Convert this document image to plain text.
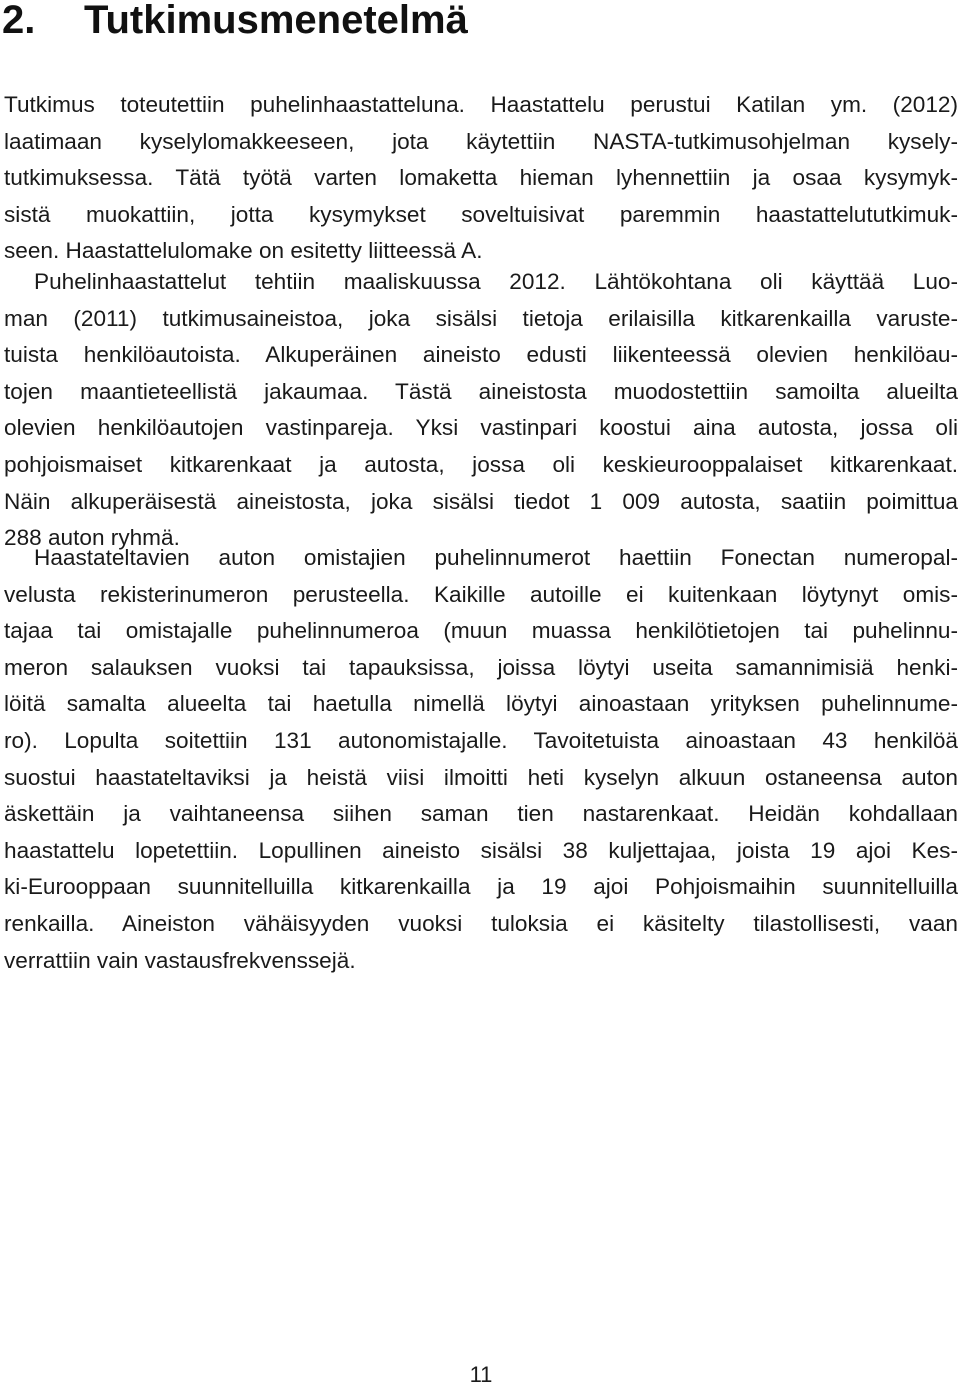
2. Tutkimusmenetelmä
Tutkimus toteutettiin puhelinhaastatteluna. Haastattelu perustui Katilan ym. (2012)
laatimaan kyselylomakkeeseen, jota käytettiin NASTA-tutkimusohjelman kysely-
tutkimuksessa. Tätä työtä varten lomaketta hieman lyhennettiin ja osaa kysymyk-
sistä muokattiin, jotta kysymykset soveltuisivat paremmin haastattelututkimuk-
seen. Haastattelulomake on esitetty liitteessä A.
Puhelinhaastattelut tehtiin maaliskuussa 2012. Lähtökohtana oli käyttää Luo-
man (2011) tutkimusaineistoa, joka sisälsi tietoja erilaisilla kitkarenkailla varuste-
tuista henkilöautoista. Alkuperäinen aineisto edusti liikenteessä olevien henkilöau-
tojen maantieteellistä jakaumaa. Tästä aineistosta muodostettiin samoilta alueilta
olevien henkilöautojen vastinpareja. Yksi vastinpari koostui aina autosta, jossa oli
pohjoismaiset kitkarenkaat ja autosta, jossa oli keskieurooppalaiset kitkarenkaat.
Näin alkuperäisestä aineistosta, joka sisälsi tiedot 1 009 autosta, saatiin poimittua
288 auton ryhmä.
Haastateltavien auton omistajien puhelinnumerot haettiin Fonectan numeropal-
velusta rekisterinumeron perusteella. Kaikille autoille ei kuitenkaan löytynyt omis-
tajaa tai omistajalle puhelinnumeroa (muun muassa henkilötietojen tai puhelinnu-
meron salauksen vuoksi tai tapauksissa, joissa löytyi useita samannimisiä henki-
löitä samalta alueelta tai haetulla nimellä löytyi ainoastaan yrityksen puhelinnume-
ro). Lopulta soitettiin 131 autonomistajalle. Tavoitetuista ainoastaan 43 henkilöä
suostui haastateltaviksi ja heistä viisi ilmoitti heti kyselyn alkuun ostaneensa auton
äskettäin ja vaihtaneensa siihen saman tien nastarenkaat. Heidän kohdallaan
haastattelu lopetettiin. Lopullinen aineisto sisälsi 38 kuljettajaa, joista 19 ajoi Kes-
ki-Eurooppaan suunnitelluilla kitkarenkailla ja 19 ajoi Pohjoismaihin suunnitelluilla
renkailla. Aineiston vähäisyyden vuoksi tuloksia ei käsitelty tilastollisesti, vaan
verrattiin vain vastausfrekvenssejä.
11
